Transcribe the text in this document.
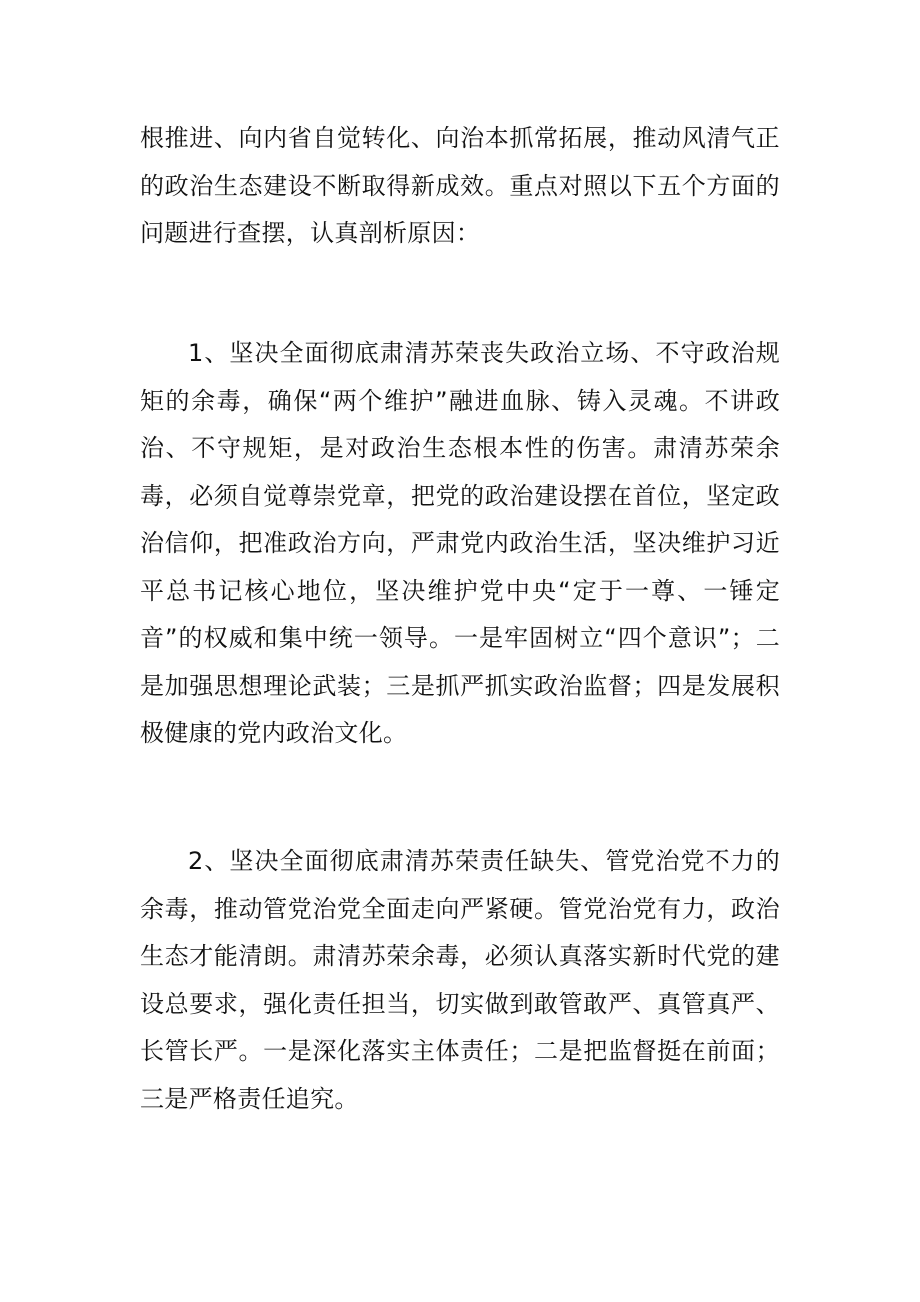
根推进、向内省自觉转化、向治本抓常拓展，推动风清气正的政治生态建设不断取得新成效。重点对照以下五个方面的问题进行查摆，认真剖析原因：

1、坚决全面彻底肃清苏荣丧失政治立场、不守政治规矩的余毒，确保“两个维护”融进血脉、铸入灵魂。不讲政治、不守规矩，是对政治生态根本性的伤害。肃清苏荣余毒，必须自觉尊崇党章，把党的政治建设摆在首位，坚定政治信仰，把准政治方向，严肃党内政治生活，坚决维护习近平总书记核心地位，坚决维护党中央“定于一尊、一锤定音”的权威和集中统一领导。一是牢固树立“四个意识”；二是加强思想理论武装；三是抓严抓实政治监督；四是发展积极健康的党内政治文化。

2、坚决全面彻底肃清苏荣责任缺失、管党治党不力的余毒，推动管党治党全面走向严紧硬。管党治党有力，政治生态才能清朗。肃清苏荣余毒，必须认真落实新时代党的建设总要求，强化责任担当，切实做到敢管敢严、真管真严、长管长严。一是深化落实主体责任；二是把监督挺在前面；三是严格责任追究。
